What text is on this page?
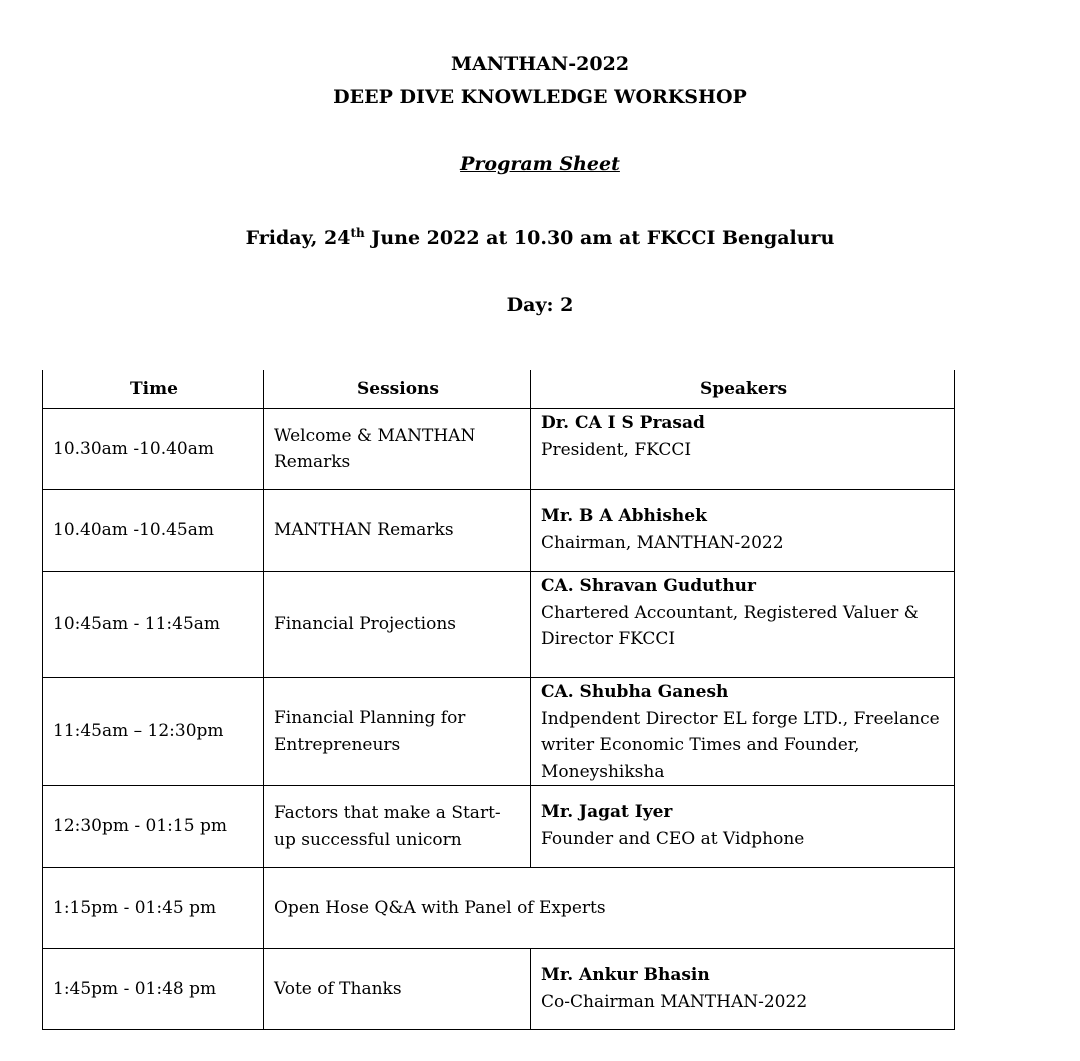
MANTHAN-2022
DEEP DIVE KNOWLEDGE WORKSHOP
Program Sheet
Friday, 24th June 2022 at 10.30 am at FKCCI Bengaluru
Day: 2
Time	Sessions	Speakers
10.30am -10.40am	Welcome & MANTHAN Remarks	Dr. CA I S Prasad
President, FKCCI

10.40am -10.45am	MANTHAN Remarks	Mr. B A Abhishek
Chairman, MANTHAN-2022

10:45am - 11:45am	Financial Projections	CA. Shravan Guduthur
Chartered Accountant, Registered Valuer & Director FKCCI

11:45am – 12:30pm	Financial Planning for Entrepreneurs	CA. Shubha Ganesh
Indpendent Director EL forge LTD., Freelance writer Economic Times and Founder, Moneyshiksha

12:30pm - 01:15 pm	Factors that make a Start-up successful unicorn	Mr. Jagat Iyer
Founder and CEO at Vidphone

1:15pm - 01:45 pm	Open Hose Q&A with Panel of Experts	
1:45pm - 01:48 pm	Vote of Thanks	Mr. Ankur Bhasin
Co-Chairman MANTHAN-2022
